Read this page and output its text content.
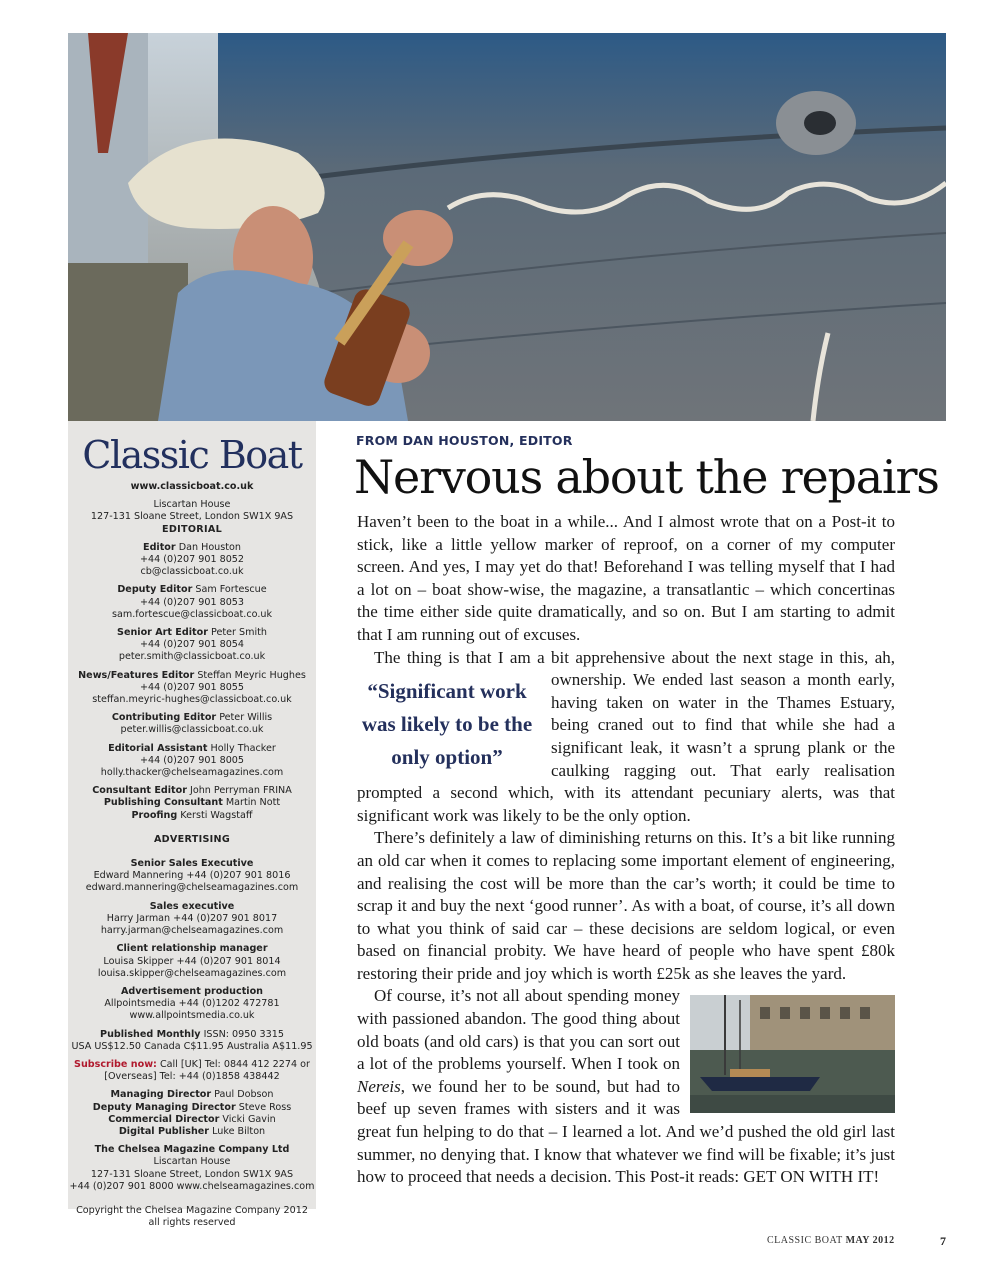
Classic Boat
www.classicboat.co.uk
Liscartan House
127-131 Sloane Street, London SW1X 9AS
EDITORIAL
Editor Dan Houston
+44 (0)207 901 8052
cb@classicboat.co.uk
Deputy Editor Sam Fortescue
+44 (0)207 901 8053
sam.fortescue@classicboat.co.uk
Senior Art Editor Peter Smith
+44 (0)207 901 8054
peter.smith@classicboat.co.uk
News/Features Editor Steffan Meyric Hughes
+44 (0)207 901 8055
steffan.meyric-hughes@classicboat.co.uk
Contributing Editor Peter Willis
peter.willis@classicboat.co.uk
Editorial Assistant Holly Thacker
+44 (0)207 901 8005
holly.thacker@chelseamagazines.com
Consultant Editor John Perryman FRINA
Publishing Consultant Martin Nott
Proofing Kersti Wagstaff
ADVERTISING
Senior Sales Executive
Edward Mannering +44 (0)207 901 8016
edward.mannering@chelseamagazines.com
Sales executive
Harry Jarman +44 (0)207 901 8017
harry.jarman@chelseamagazines.com
Client relationship manager
Louisa Skipper +44 (0)207 901 8014
louisa.skipper@chelseamagazines.com
Advertisement production
Allpointsmedia +44 (0)1202 472781
www.allpointsmedia.co.uk
Published Monthly ISSN: 0950 3315
USA US$12.50 Canada C$11.95 Australia A$11.95
Subscribe now: Call [UK] Tel: 0844 412 2274 or
[Overseas] Tel: +44 (0)1858 438442
Managing Director Paul Dobson
Deputy Managing Director Steve Ross
Commercial Director Vicki Gavin
Digital Publisher Luke Bilton
The Chelsea Magazine Company Ltd
Liscartan House
127-131 Sloane Street, London SW1X 9AS
+44 (0)207 901 8000 www.chelseamagazines.com
Copyright the Chelsea Magazine Company 2012
all rights reserved
FROM DAN HOUSTON, EDITOR
Nervous about the repairs

Haven’t been to the boat in a while... And I almost wrote that on a Post-it to stick, like a little yellow marker of reproof, on a corner of my computer screen. And yes, I may yet do that! Beforehand I was telling myself that I had a lot on – boat show-wise, the magazine, a transatlantic – which concertinas the time either side quite dramatically, and so on. But I am starting to admit that I am running out of excuses.

The thing is that I am a bit apprehensive about the next stage in this,
“Significant work was likely to be the only option”
ah, ownership. We ended last season a month early, having taken on water in the Thames Estuary, being craned out to find that while she had a significant leak, it wasn’t a sprung plank or the caulking ragging out. That early realisation prompted a second which, with its attendant pecuniary alerts, was that significant work was likely to be the only option.

There’s definitely a law of diminishing returns on this. It’s a bit like running an old car when it comes to replacing some important element of engineering, and realising the cost will be more than the car’s worth; it could be time to scrap it and buy the next ‘good runner’. As with a boat, of course, it’s all down to what you think of said car – these decisions are seldom logical, or even based on financial probity. We have heard of people who have spent £80k restoring their pride and joy which is worth £25k as she leaves the yard.

Of course, it’s not all about spending money with passioned abandon. The good thing about old boats (and old cars) is that you can sort out a lot of the problems yourself. When I took on Nereis, we found her to be sound, but had to beef up seven frames with sisters and it was great fun helping to do that – I learned a lot. And we’d pushed the old girl last summer, no denying that. I know that whatever we find will be fixable; it’s just how to proceed that needs a decision. This Post-it reads: GET ON WITH IT!

CLASSIC BOAT MAY 2012	7
